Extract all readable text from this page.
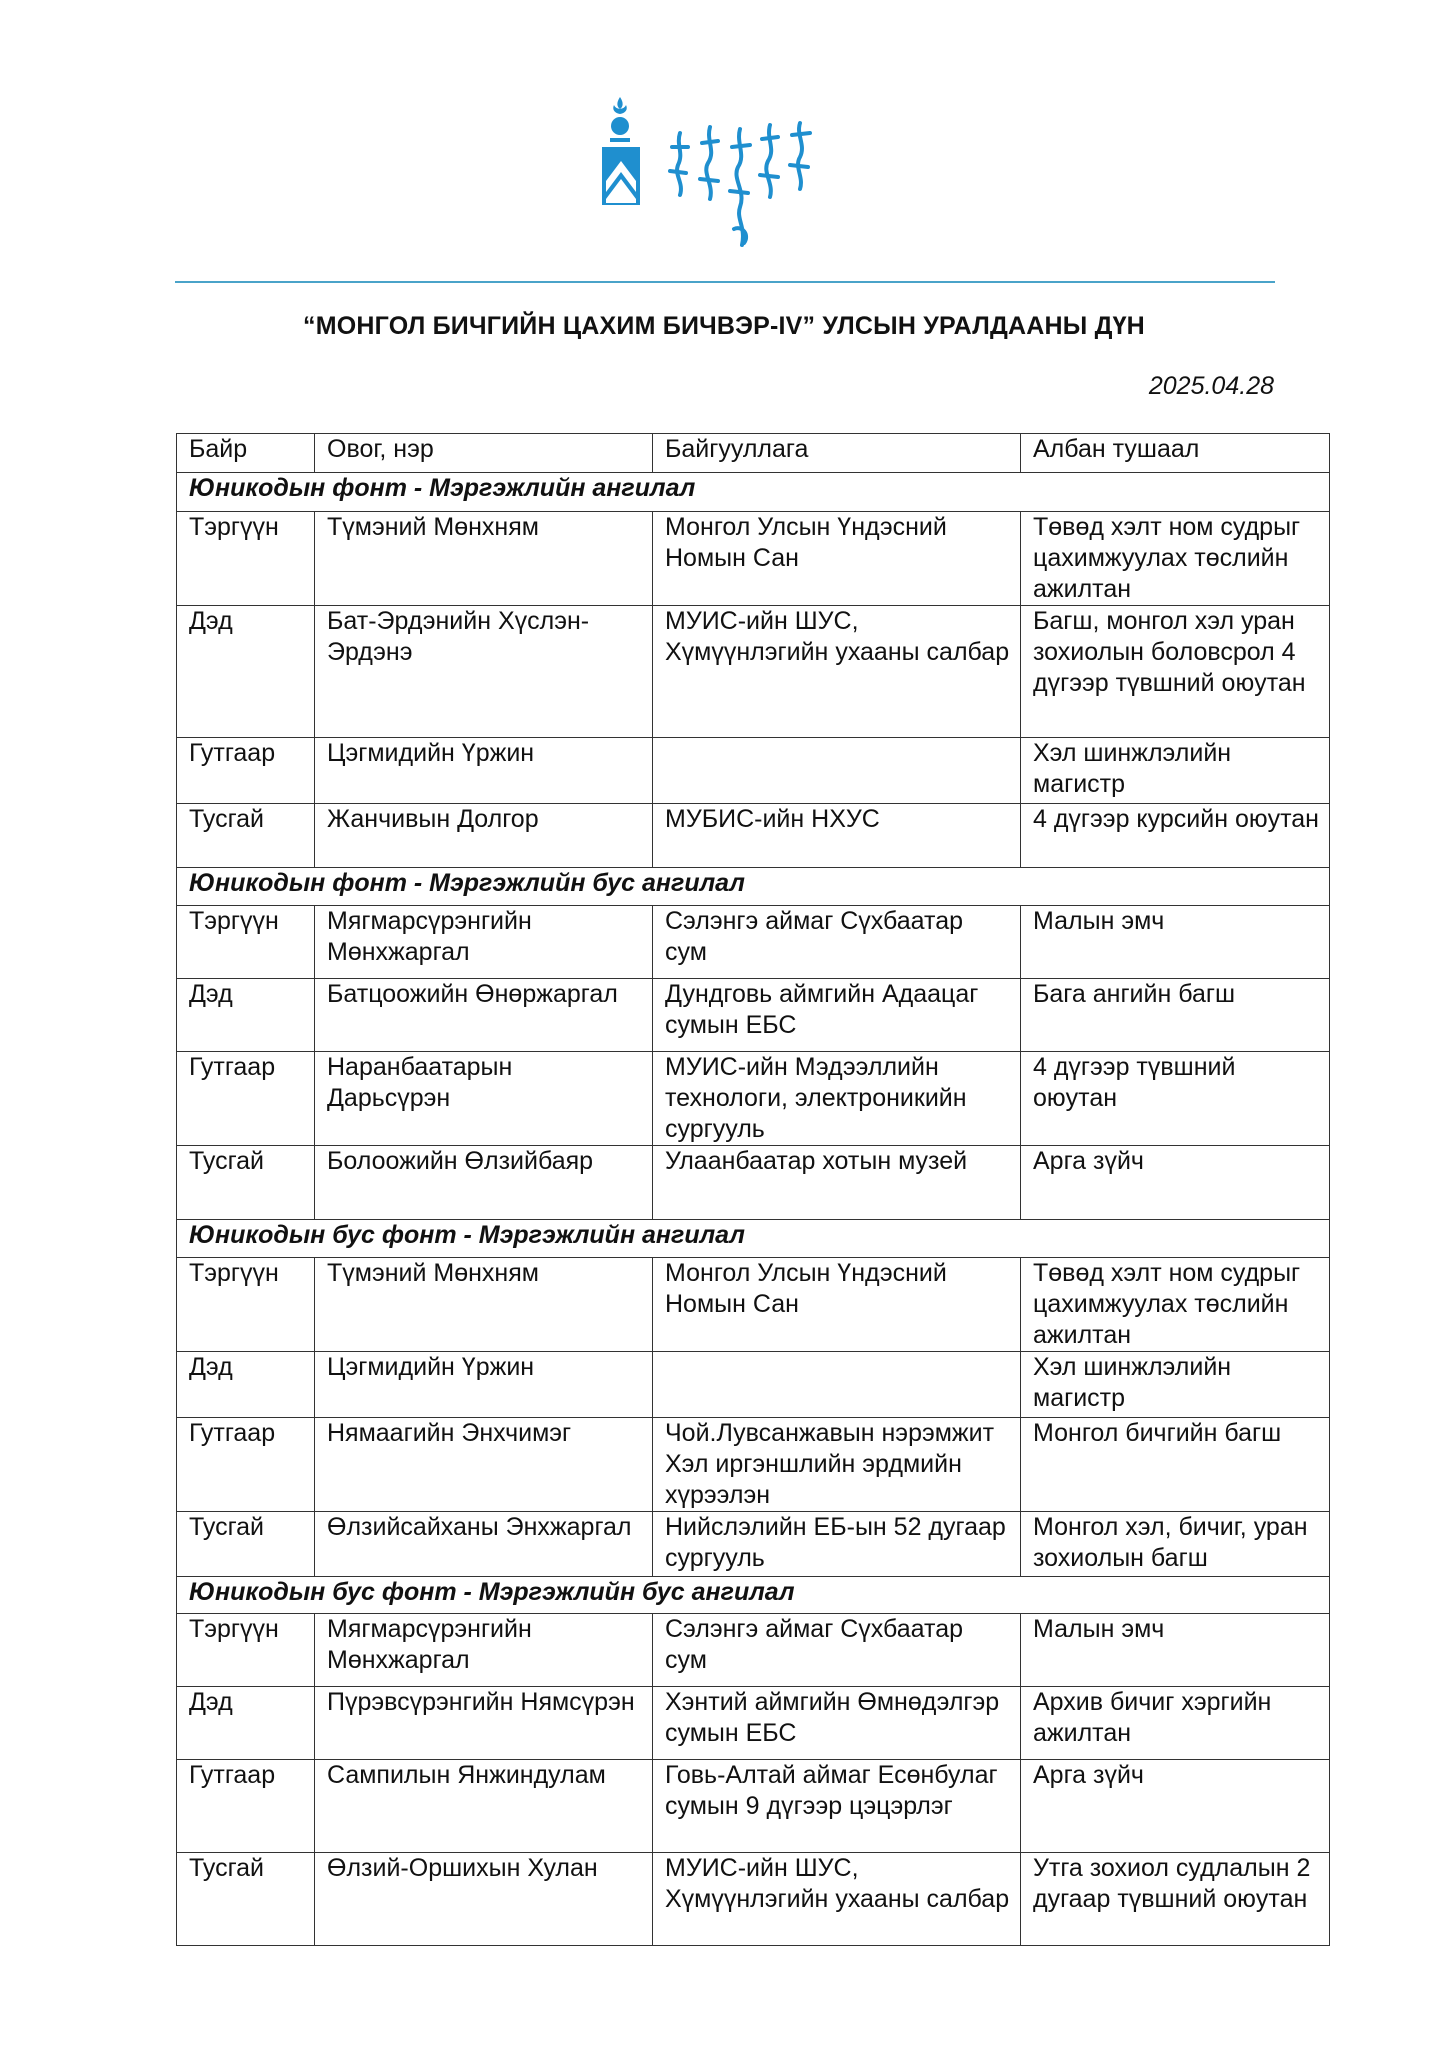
“МОНГОЛ БИЧГИЙН ЦАХИМ БИЧВЭР-IV” УЛСЫН УРАЛДААНЫ ДҮН
2025.04.28
Байр	Овог, нэр	Байгууллага	Албан тушаал
Юникодын фонт - Мэргэжлийн ангилал			
Тэргүүн	Түмэний Мөнхням	Монгол Улсын Үндэсний Номын Сан	Төвөд хэлт ном судрыг цахимжуулах төслийн ажилтан
Дэд	Бат-Эрдэнийн Хүслэн-Эрдэнэ	МУИС-ийн ШУС, Хүмүүнлэгийн ухааны салбар	Багш, монгол хэл уран зохиолын боловсрол 4 дүгээр түвшний оюутан
Гутгаар	Цэгмидийн Үржин		Хэл шинжлэлийн магистр
Тусгай	Жанчивын Долгор	МУБИС-ийн НХУС	4 дүгээр курсийн оюутан
Юникодын фонт - Мэргэжлийн бус ангилал			
Тэргүүн	Мягмарсүрэнгийн Мөнхжаргал	Сэлэнгэ аймаг Сүхбаатар сум	Малын эмч
Дэд	Батцоожийн Өнөржаргал	Дундговь аймгийн Адаацаг сумын ЕБС	Бага ангийн багш
Гутгаар	Наранбаатарын Дарьсүрэн	МУИС-ийн Мэдээллийн технологи, электроникийн сургууль	4 дүгээр түвшний оюутан
Тусгай	Болоожийн Өлзийбаяр	Улаанбаатар хотын музей	Арга зүйч
Юникодын бус фонт - Мэргэжлийн ангилал			
Тэргүүн	Түмэний Мөнхням	Монгол Улсын Үндэсний Номын Сан	Төвөд хэлт ном судрыг цахимжуулах төслийн ажилтан
Дэд	Цэгмидийн Үржин		Хэл шинжлэлийн магистр
Гутгаар	Нямаагийн Энхчимэг	Чой.Лувсанжавын нэрэмжит Хэл иргэншлийн эрдмийн хүрээлэн	Монгол бичгийн багш
Тусгай	Өлзийсайханы Энхжаргал	Нийслэлийн ЕБ-ын 52 дугаар сургууль	Монгол хэл, бичиг, уран зохиолын багш
Юникодын бус фонт - Мэргэжлийн бус ангилал			
Тэргүүн	Мягмарсүрэнгийн Мөнхжаргал	Сэлэнгэ аймаг Сүхбаатар сум	Малын эмч
Дэд	Пүрэвсүрэнгийн Нямсүрэн	Хэнтий аймгийн Өмнөдэлгэр сумын ЕБС	Архив бичиг хэргийн ажилтан
Гутгаар	Сампилын Янжиндулам	Говь-Алтай аймаг Есөнбулаг сумын 9 дүгээр цэцэрлэг	Арга зүйч
Тусгай	Өлзий-Оршихын Хулан	МУИС-ийн ШУС, Хүмүүнлэгийн ухааны салбар	Утга зохиол судлалын 2 дугаар түвшний оюутан
